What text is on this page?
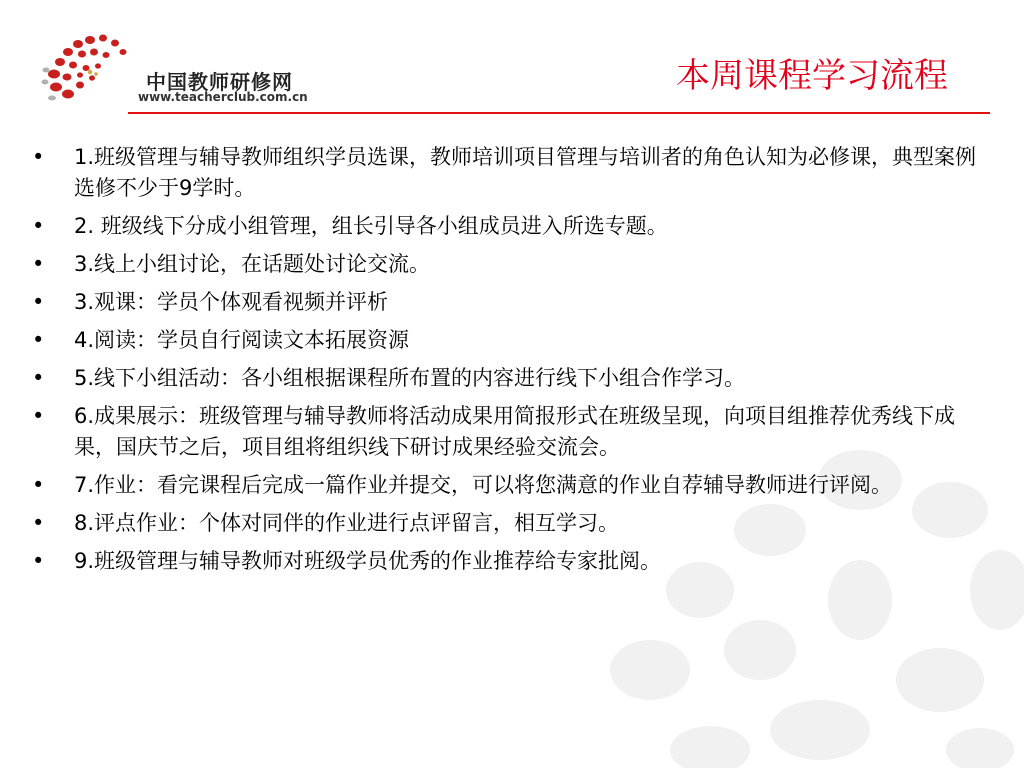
中国教师研修网
www.teacherclub.com.cn
本周课程学习流程
• 1.班级管理与辅导教师组织学员选课，教师培训项目管理与培训者的角色认知为必修课，典型案例选修不少于9学时。
• 2. 班级线下分成小组管理，组长引导各小组成员进入所选专题。
• 3.线上小组讨论，在话题处讨论交流。
• 3.观课：学员个体观看视频并评析
• 4.阅读：学员自行阅读文本拓展资源
• 5.线下小组活动：各小组根据课程所布置的内容进行线下小组合作学习。
• 6.成果展示：班级管理与辅导教师将活动成果用简报形式在班级呈现，向项目组推荐优秀线下成果，国庆节之后，项目组将组织线下研讨成果经验交流会。
• 7.作业：看完课程后完成一篇作业并提交，可以将您满意的作业自荐辅导教师进行评阅。
• 8.评点作业：个体对同伴的作业进行点评留言，相互学习。
• 9.班级管理与辅导教师对班级学员优秀的作业推荐给专家批阅。
